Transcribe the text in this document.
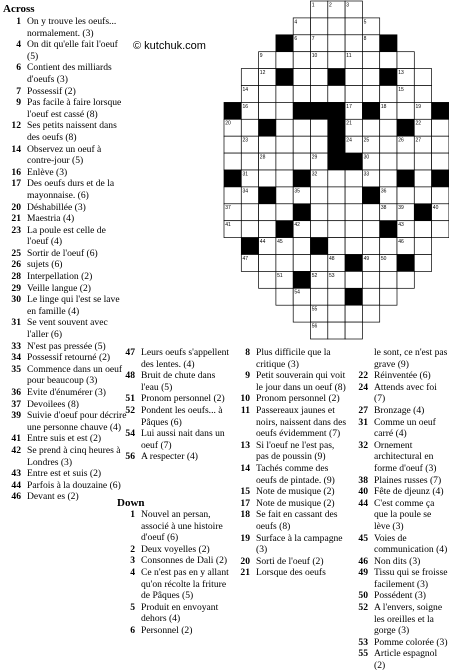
1	2	3
4	5
6	7	8
9	10	11
12	13
14	15
16	17	18	19
20	21	22
23	24 25	26 27
28	29	30
31	32	33
34	35	36
37	38 39	40
41	42	43
44 45	46
47	48	49 50
51	52 53
54
55
56
© kutchuk.com
Across
1 On y trouve les oeufs... normalement. (3)
4 On dit qu'elle fait l'oeuf (5)
6 Contient des milliards d'oeufs (3)
7 Possessif (2)
9 Pas facile à faire lorsque l'oeuf est cassé (8)
12 Ses petits naissent dans des oeufs (8)
14 Observez un oeuf à contre-jour (5)
16 Enlève (3)
17 Des oeufs durs et de la mayonnaise. (6)
20 Déshabillée (3)
21 Maestria (4)
23 La poule est celle de l'oeuf (4)
25 Sortir de l'oeuf (6)
26 sujets (6)
28 Interpellation (2)
29 Veille langue (2)
30 Le linge qui l'est se lave en famille (4)
31 Se vent souvent avec l'aller (6)
33 N'est pas pressée (5)
34 Possessif retourné (2)
35 Commence dans un oeuf pour beaucoup (3)
36 Evite d'énumérer (3)
37 Devoilees (8)
39 Suivie d'oeuf pour décrire une personne chauve (4)
41 Entre suis et est (2)
42 Se prend à cinq heures à Londres (3)
43 Entre est et suis (2)
44 Parfois à la douzaine (6)
46 Devant es (2)
47 Leurs oeufs s'appellent des lentes. (4)
48 Bruit de chute dans l'eau (5)
51 Pronom personnel (2)
52 Pondent les oeufs... à Pâques (6)
54 Lui aussi nait dans un oeuf (7)
56 A respecter (4)
Down
1 Nouvel an persan, associé à une histoire d'oeuf (6)
2 Deux voyelles (2)
3 Consonnes de Dali (2)
4 Ce n'est pas en y allant qu'on récolte la friture de Pâques (5)
5 Produit en envoyant dehors (4)
6 Personnel (2)
8 Plus difficile que la critique (3)
9 Petit souverain qui voit le jour dans un oeuf (8)
10 Pronom personnel (2)
11 Passereaux jaunes et noirs, naissent dans des oeufs évidemment (7)
13 Si l'oeuf ne l'est pas, pas de poussin (9)
14 Tachés comme des oeufs de pintade. (9)
15 Note de musique (2)
17 Note de musique (2)
18 Se fait en cassant des oeufs (8)
19 Surface à la campagne (3)
20 Sorti de l'oeuf (2)
21 Lorsque des oeufs
le sont, ce n'est pas grave (9)
22 Réinventée (6)
24 Attends avec foi (7)
27 Bronzage (4)
31 Comme un oeuf carré (4)
32 Ornement architectural en forme d'oeuf (3)
38 Plaines russes (7)
40 Fête de djeunz (4)
44 C'est comme ça que la poule se lève (3)
45 Voies de communication (4)
46 Non dits (3)
49 Tissu qui se froisse facilement (3)
50 Possédent (3)
52 A l'envers, soigne les oreilles et la gorge (3)
53 Pomme colorée (3)
55 Article espagnol (2)
